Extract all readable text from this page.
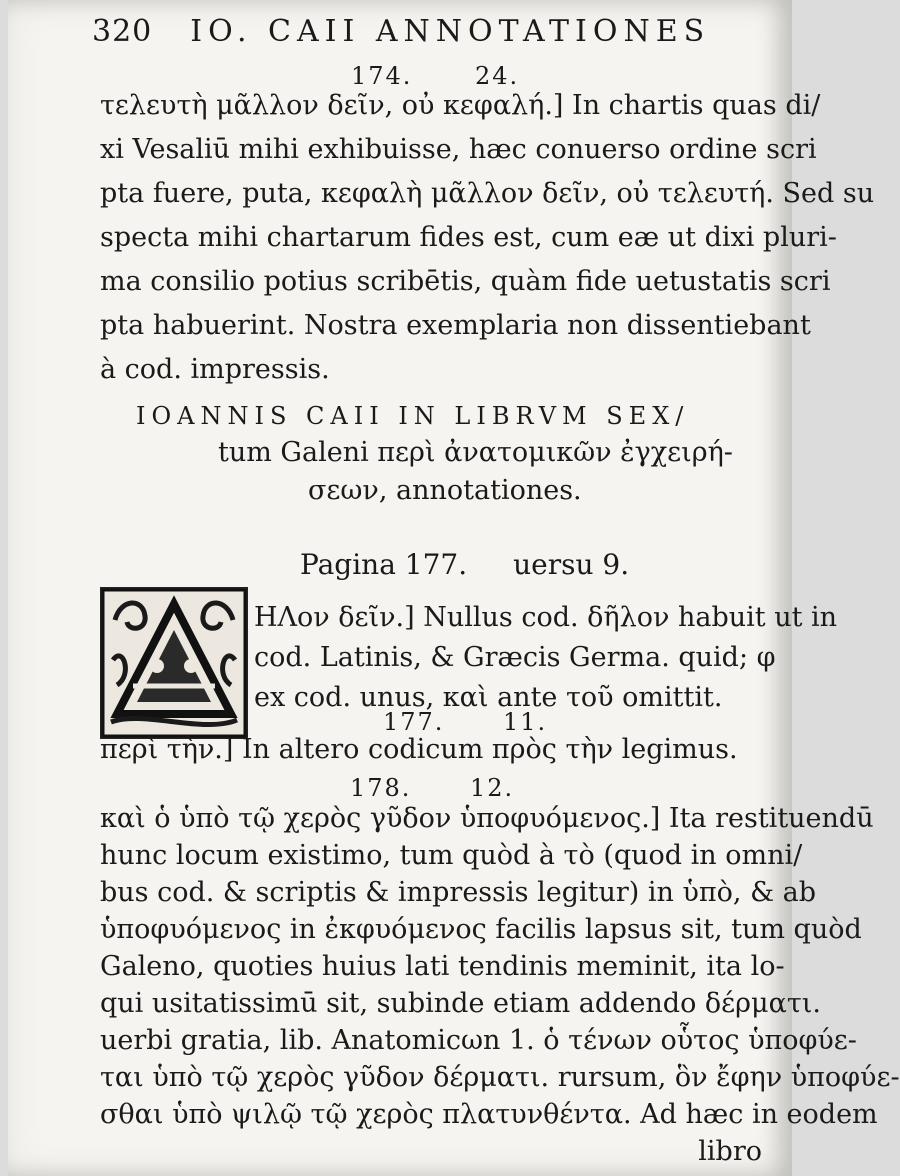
320 IO. CAII ANNOTATIONES
174.	24.
τελευτὴ μᾶλλον δεῖν, οὐ κεφαλή.] In chartis quas di/
xi Vesaliū mihi exhibuisse, hæc conuerso ordine scri
pta fuere, puta, κεφαλὴ μᾶλλον δεῖν, οὐ τελευτή. Sed su
specta mihi chartarum fides est, cum eæ ut dixi pluri-
ma consilio potius scribētis, quàm fide uetustatis scri
pta habuerint. Nostra exemplaria non dissentiebant
à cod. impressis.
IOANNIS CAII IN LIBRVM SEX/
tum Galeni περὶ ἀνατομικῶν ἐγχειρή-
σεων, annotationes.
Pagina 177. uersu 9.
ΗΛον δεῖν.] Nullus cod. δῆλον habuit ut in
cod. Latinis, & Græcis Germa. quid; φ
ex cod. unus, καὶ ante τοῦ omittit.
177. 11.
περὶ τὴν.] In altero codicum πρὸς τὴν legimus.
178. 12.
καὶ ὁ ὑπὸ τῷ χερὸς γῦδον ὑποφυόμενος.] Ita restituendū
hunc locum existimo, tum quòd à τὸ (quod in omni/
bus cod. & scriptis & impressis legitur) in ὑπὸ, & ab
ὑποφυόμενος in ἐκφυόμενος facilis lapsus sit, tum quòd
Galeno, quoties huius lati tendinis meminit, ita lo-
qui usitatissimū sit, subinde etiam addendo δέρματι.
uerbi gratia, lib. Anatomicωn 1. ὁ τένων οὗτος ὑποφύε-
ται ὑπὸ τῷ χερὸς γῦδον δέρματι. rursum, ὃν ἔφην ὑποφύε-
σθαι ὑπὸ ψιλῷ τῷ χερὸς πλατυνθέντα. Ad hæc in eodem
libro
